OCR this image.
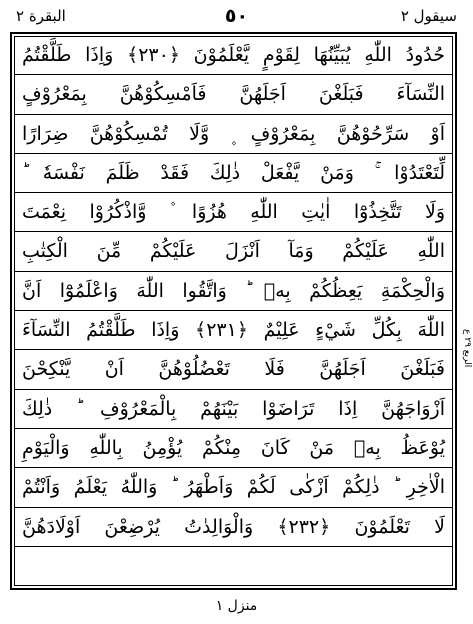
البقرة ٢	٥٠	سيقول ٢
حُدُودُ اللّٰهِ يُبَيِّنُهَا لِقَوْمٍ يَّعْلَمُوْنَ ﴿٢٣٠﴾ وَاِذَا طَلَّقْتُمُ
النِّسَآءَ فَبَلَغْنَ اَجَلَهُنَّ فَاَمْسِكُوْهُنَّ بِمَعْرُوْفٍ
اَوْ سَرِّحُوْهُنَّ بِمَعْرُوْفٍ ۪ وَّلَا تُمْسِكُوْهُنَّ ضِرَارًا
لِّتَعْتَدُوْا ۚ وَمَنْ يَّفْعَلْ ذٰلِكَ فَقَدْ ظَلَمَ نَفْسَهٗ ؕ
وَلَا تَتَّخِذُوْٓا اٰيٰتِ اللّٰهِ هُزُوًا ۫ وَّاذْكُرُوْا نِعْمَتَ
اللّٰهِ عَلَيْكُمْ وَمَآ اَنْزَلَ عَلَيْكُمْ مِّنَ الْكِتٰبِ
وَالْحِكْمَةِ يَعِظُكُمْ بِهٖ ؕ وَاتَّقُوا اللّٰهَ وَاعْلَمُوْٓا اَنَّ
اللّٰهَ بِكُلِّ شَيْءٍ عَلِيْمٌ ﴿٢٣١﴾ وَاِذَا طَلَّقْتُمُ النِّسَآءَ
فَبَلَغْنَ اَجَلَهُنَّ فَلَا تَعْضُلُوْهُنَّ اَنْ يَّنْكِحْنَ
اَزْوَاجَهُنَّ اِذَا تَرَاضَوْا بَيْنَهُمْ بِالْمَعْرُوْفِ ؕ ذٰلِكَ
يُوْعَظُ بِهٖ مَنْ كَانَ مِنْكُمْ يُؤْمِنُ بِاللّٰهِ وَالْيَوْمِ
الْاٰخِرِ ؕ ذٰلِكُمْ اَزْكٰى لَكُمْ وَاَطْهَرُ ؕ وَاللّٰهُ يَعْلَمُ وَاَنْتُمْ
لَا تَعْلَمُوْنَ ﴿٢٣٢﴾ وَالْوَالِدٰتُ يُرْضِعْنَ اَوْلَادَهُنَّ
الربع ٢٩ ع
منزل ١
